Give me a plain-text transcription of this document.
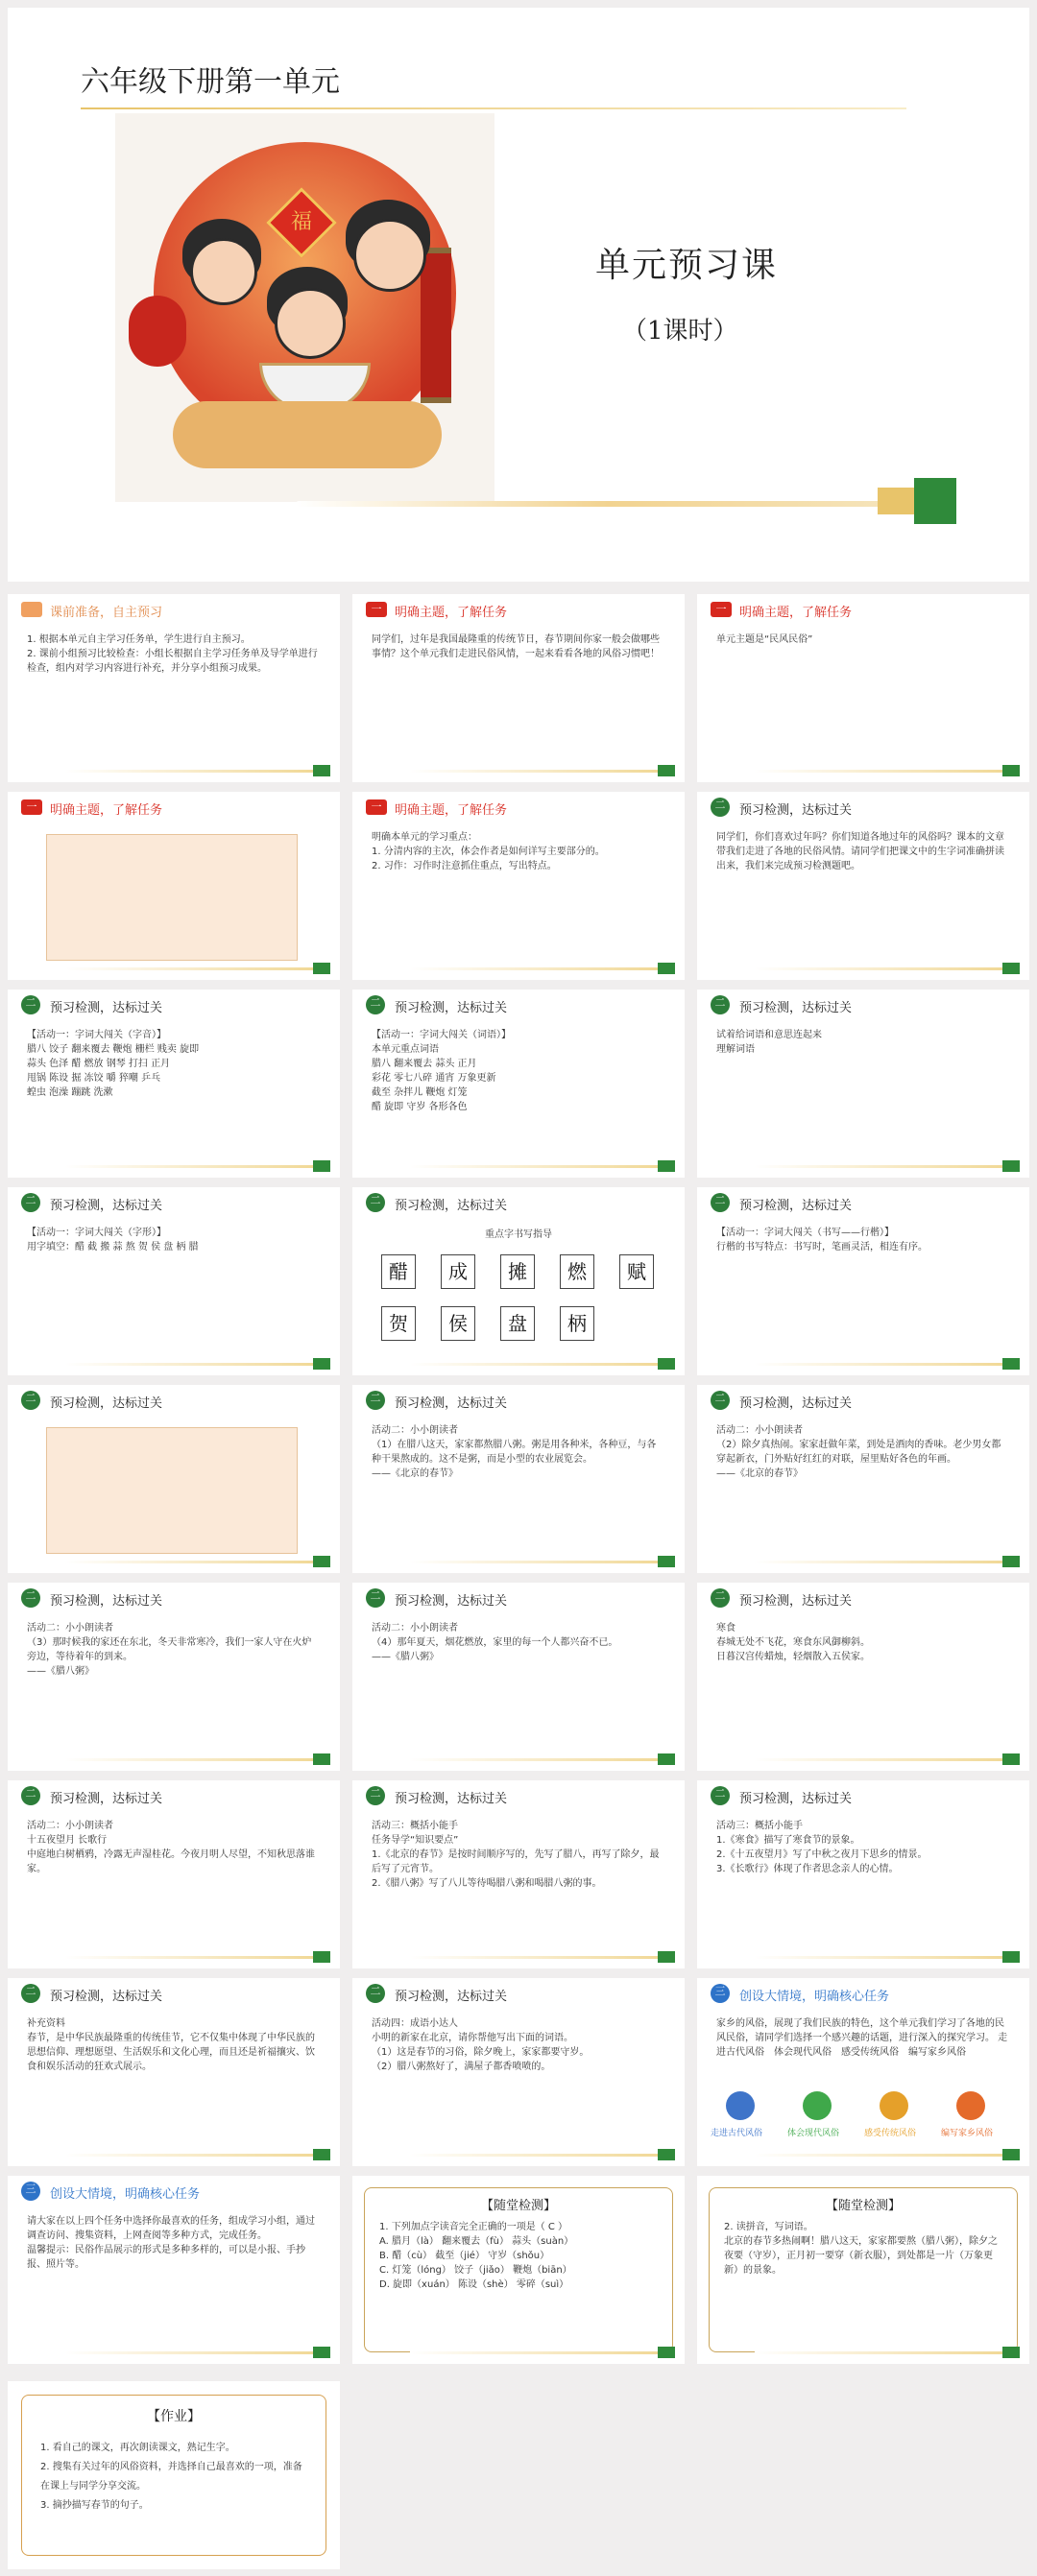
六年级下册第一单元
福
单元预习课
（1课时）
课前准备，自主预习
1. 根据本单元自主学习任务单，学生进行自主预习。
2. 课前小组预习比较检查：小组长根据自主学习任务单及导学单进行检查，组内对学习内容进行补充，并分享小组预习成果。
一	明确主题，了解任务
同学们，过年是我国最隆重的传统节日，春节期间你家一般会做哪些事情？这个单元我们走进民俗风情，一起来看看各地的风俗习惯吧！
一	明确主题，了解任务
单元主题是“民风民俗”
一	明确主题，了解任务	一	明确主题，了解任务
明确本单元的学习重点：
1. 分清内容的主次，体会作者是如何详写主要部分的。
2. 习作：习作时注意抓住重点，写出特点。
二	预习检测，达标过关
同学们，你们喜欢过年吗？你们知道各地过年的风俗吗？课本的文章带我们走进了各地的民俗风情。请同学们把课文中的生字词准确拼读出来，我们来完成预习检测题吧。
二	预习检测，达标过关
【活动一：字词大闯关（字音）】
腊八 饺子 翻来覆去 鞭炮 栅栏 贱卖 旋即
蒜头 色泽 醋 燃放 钢琴 打扫 正月
甩锅 陈设 掘 冻饺 嚼 猝嘲 乒乓
蝗虫 泡澡 蹦跳 洗漱
二	预习检测，达标过关
【活动一：字词大闯关（词语）】
本单元重点词语
腊八 翻来覆去 蒜头 正月
彩花 零七八碎 通宵 万象更新
截至 杂拌儿 鞭炮 灯笼
醋 旋即 守岁 各形各色
二	预习检测，达标过关
试着给词语和意思连起来
理解词语
二	预习检测，达标过关
【活动一：字词大闯关（字形）】
用字填空：醋 截 搬 蒜 熬 贺 侯 盘 柄 腊
二	预习检测，达标过关
醋	成	摊	燃	赋
贺	侯	盘	柄
重点字书写指导
二	预习检测，达标过关
【活动一：字词大闯关（书写——行楷）】
行楷的书写特点：书写时，笔画灵活，相连有序。
二	预习检测，达标过关	二	预习检测，达标过关
活动二：小小朗读者
（1）在腊八这天，家家都熬腊八粥。粥是用各种米，各种豆，与各种干果熬成的。这不是粥，而是小型的农业展览会。
——《北京的春节》
二	预习检测，达标过关
活动二：小小朗读者
（2）除夕真热闹。家家赶做年菜，到处是酒肉的香味。老少男女都穿起新衣，门外贴好红红的对联，屋里贴好各色的年画。
——《北京的春节》
二	预习检测，达标过关
活动二：小小朗读者
（3）那时候我的家还在东北，冬天非常寒冷，我们一家人守在火炉旁边，等待着年的到来。
——《腊八粥》
二	预习检测，达标过关
活动二：小小朗读者
（4）那年夏天，烟花燃放，家里的每一个人都兴奋不已。
——《腊八粥》
二	预习检测，达标过关
寒食
春城无处不飞花，寒食东风御柳斜。
日暮汉宫传蜡烛，轻烟散入五侯家。
二	预习检测，达标过关
活动二：小小朗读者
十五夜望月 长歌行
中庭地白树栖鸦，冷露无声湿桂花。今夜月明人尽望，不知秋思落谁家。
二	预习检测，达标过关
活动三：概括小能手
任务导学“知识要点”
1.《北京的春节》是按时间顺序写的，先写了腊八，再写了除夕，最后写了元宵节。
2.《腊八粥》写了八儿等待喝腊八粥和喝腊八粥的事。
二	预习检测，达标过关
活动三：概括小能手
1.《寒食》描写了寒食节的景象。
2.《十五夜望月》写了中秋之夜月下思乡的情景。
3.《长歌行》体现了作者思念亲人的心情。
二	预习检测，达标过关
补充资料
春节，是中华民族最隆重的传统佳节，它不仅集中体现了中华民族的思想信仰、理想愿望、生活娱乐和文化心理，而且还是祈福攘灾、饮食和娱乐活动的狂欢式展示。
二	预习检测，达标过关
活动四：成语小达人
小明的新家在北京，请你帮他写出下面的词语。
（1）这是春节的习俗，除夕晚上，家家都要守岁。
（2）腊八粥熬好了，满屋子都香喷喷的。
三	创设大情境，明确核心任务
家乡的风俗，展现了我们民族的特色，这个单元我们学习了各地的民风民俗，请同学们选择一个感兴趣的话题，进行深入的探究学习。 走进古代风俗　体会现代风俗　感受传统风俗　编写家乡风俗
走进古代风俗	体会现代风俗	感受传统风俗	编写家乡风俗
三	创设大情境，明确核心任务
请大家在以上四个任务中选择你最喜欢的任务，组成学习小组，通过调查访问、搜集资料，上网查阅等多种方式，完成任务。
温馨提示：民俗作品展示的形式是多种多样的，可以是小报、手抄报、照片等。
【随堂检测】
1. 下列加点字读音完全正确的一项是（ C ）
A. 腊月（là） 翻来覆去（fù） 蒜头（suàn）
B. 醋（cù） 截至（jié） 守岁（shǒu）
C. 灯笼（lóng） 饺子（jiǎo） 鞭炮（biān）
D. 旋即（xuán） 陈设（shè） 零碎（suì）
【随堂检测】
2. 读拼音，写词语。
北京的春节多热闹啊！腊八这天，家家都要熬（腊八粥），除夕之夜要（守岁），正月初一要穿（新衣服），到处都是一片（万象更新）的景象。
【作业】
1. 看自己的课文，再次朗读课文，熟记生字。
2. 搜集有关过年的风俗资料，并选择自己最喜欢的一项，准备在课上与同学分享交流。
3. 摘抄描写春节的句子。
